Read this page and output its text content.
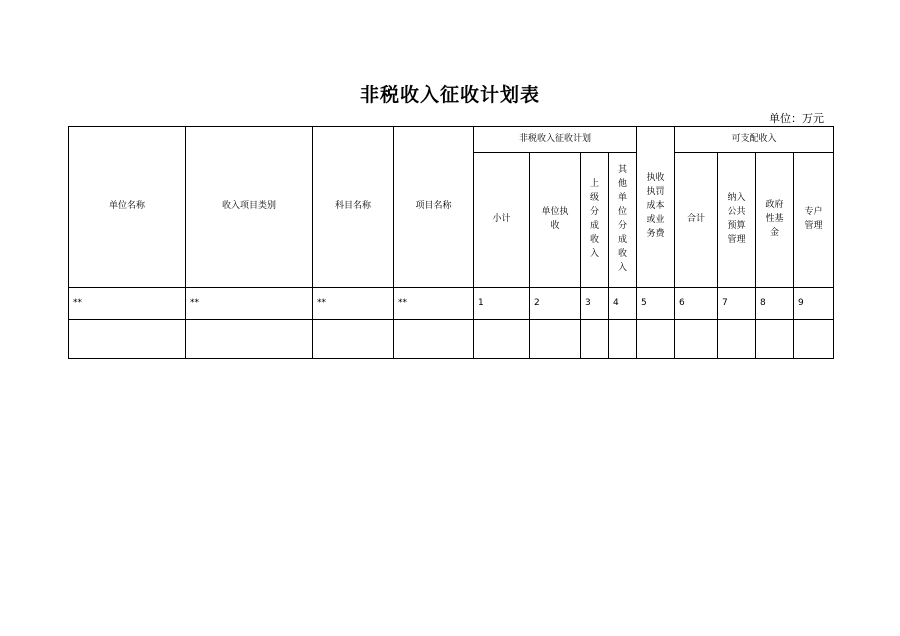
非税收入征收计划表
单位：万元
单位名称	收入项目类别	科目名称	项目名称	非税收入征收计划				执收执罚成本或业务费	可支配收入			
				小计	单位执收	上级分成收入	其他单位分成收入		合计	纳入公共预算管理	政府性基金	专户管理
**	**	**	**	1	2	3	4	5	6	7	8	9
